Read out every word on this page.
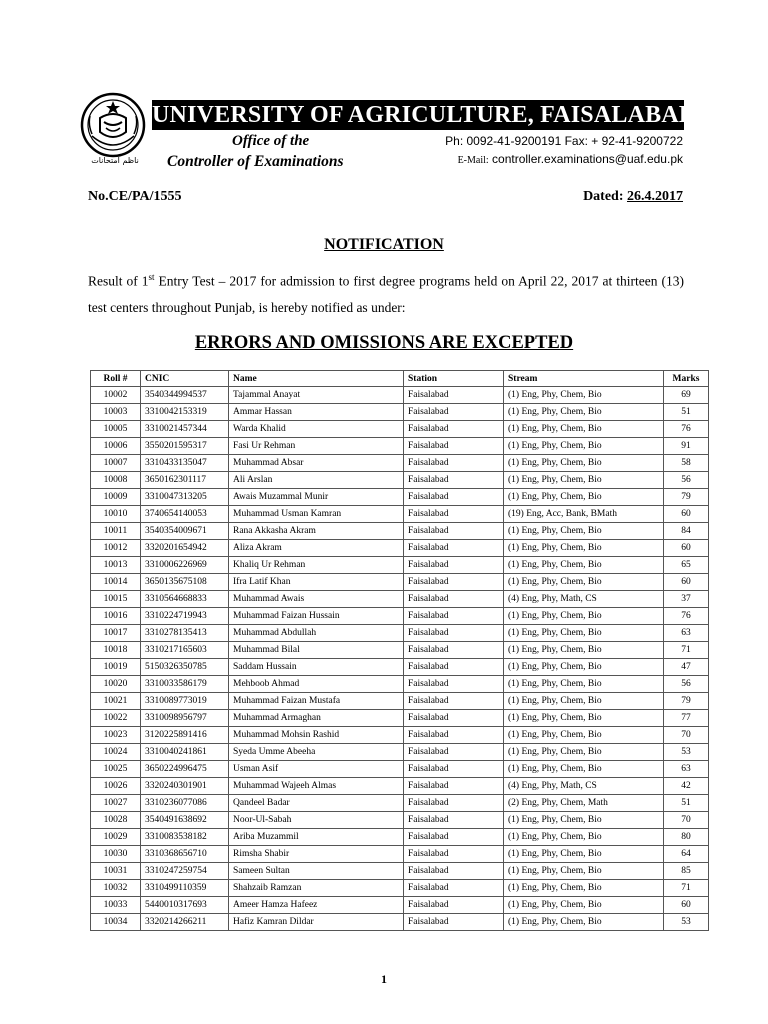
ناظم امتحانات
UNIVERSITY OF AGRICULTURE, FAISALABAD
Office of the
Controller of Examinations
Ph: 0092-41-9200191 Fax: + 92-41-9200722
E-Mail: controller.examinations@uaf.edu.pk
No.CE/PA/1555	Dated: 26.4.2017
NOTIFICATION
Result of 1st Entry Test – 2017 for admission to first degree programs held on April 22, 2017 at thirteen (13) test centers throughout Punjab, is hereby notified as under:
ERRORS AND OMISSIONS ARE EXCEPTED
Roll #	CNIC	Name	Station	Stream	Marks
10002	3540344994537	Tajammal Anayat	Faisalabad	(1) Eng, Phy, Chem, Bio	69
10003	3310042153319	Ammar Hassan	Faisalabad	(1) Eng, Phy, Chem, Bio	51
10005	3310021457344	Warda Khalid	Faisalabad	(1) Eng, Phy, Chem, Bio	76
10006	3550201595317	Fasi Ur Rehman	Faisalabad	(1) Eng, Phy, Chem, Bio	91
10007	3310433135047	Muhammad Absar	Faisalabad	(1) Eng, Phy, Chem, Bio	58
10008	3650162301117	Ali Arslan	Faisalabad	(1) Eng, Phy, Chem, Bio	56
10009	3310047313205	Awais Muzammal Munir	Faisalabad	(1) Eng, Phy, Chem, Bio	79
10010	3740654140053	Muhammad Usman Kamran	Faisalabad	(19) Eng, Acc, Bank, BMath	60
10011	3540354009671	Rana Akkasha Akram	Faisalabad	(1) Eng, Phy, Chem, Bio	84
10012	3320201654942	Aliza Akram	Faisalabad	(1) Eng, Phy, Chem, Bio	60
10013	3310006226969	Khaliq Ur Rehman	Faisalabad	(1) Eng, Phy, Chem, Bio	65
10014	3650135675108	Ifra Latif Khan	Faisalabad	(1) Eng, Phy, Chem, Bio	60
10015	3310564668833	Muhammad Awais	Faisalabad	(4) Eng, Phy, Math, CS	37
10016	3310224719943	Muhammad Faizan Hussain	Faisalabad	(1) Eng, Phy, Chem, Bio	76
10017	3310278135413	Muhammad Abdullah	Faisalabad	(1) Eng, Phy, Chem, Bio	63
10018	3310217165603	Muhammad Bilal	Faisalabad	(1) Eng, Phy, Chem, Bio	71
10019	5150326350785	Saddam Hussain	Faisalabad	(1) Eng, Phy, Chem, Bio	47
10020	3310033586179	Mehboob Ahmad	Faisalabad	(1) Eng, Phy, Chem, Bio	56
10021	3310089773019	Muhammad Faizan Mustafa	Faisalabad	(1) Eng, Phy, Chem, Bio	79
10022	3310098956797	Muhammad Armaghan	Faisalabad	(1) Eng, Phy, Chem, Bio	77
10023	3120225891416	Muhammad Mohsin Rashid	Faisalabad	(1) Eng, Phy, Chem, Bio	70
10024	3310040241861	Syeda Umme Abeeha	Faisalabad	(1) Eng, Phy, Chem, Bio	53
10025	3650224996475	Usman Asif	Faisalabad	(1) Eng, Phy, Chem, Bio	63
10026	3320240301901	Muhammad Wajeeh Almas	Faisalabad	(4) Eng, Phy, Math, CS	42
10027	3310236077086	Qandeel Badar	Faisalabad	(2) Eng, Phy, Chem, Math	51
10028	3540491638692	Noor-Ul-Sabah	Faisalabad	(1) Eng, Phy, Chem, Bio	70
10029	3310083538182	Ariba Muzammil	Faisalabad	(1) Eng, Phy, Chem, Bio	80
10030	3310368656710	Rimsha Shabir	Faisalabad	(1) Eng, Phy, Chem, Bio	64
10031	3310247259754	Sameen Sultan	Faisalabad	(1) Eng, Phy, Chem, Bio	85
10032	3310499110359	Shahzaib Ramzan	Faisalabad	(1) Eng, Phy, Chem, Bio	71
10033	5440010317693	Ameer Hamza Hafeez	Faisalabad	(1) Eng, Phy, Chem, Bio	60
10034	3320214266211	Hafiz Kamran Dildar	Faisalabad	(1) Eng, Phy, Chem, Bio	53
1
